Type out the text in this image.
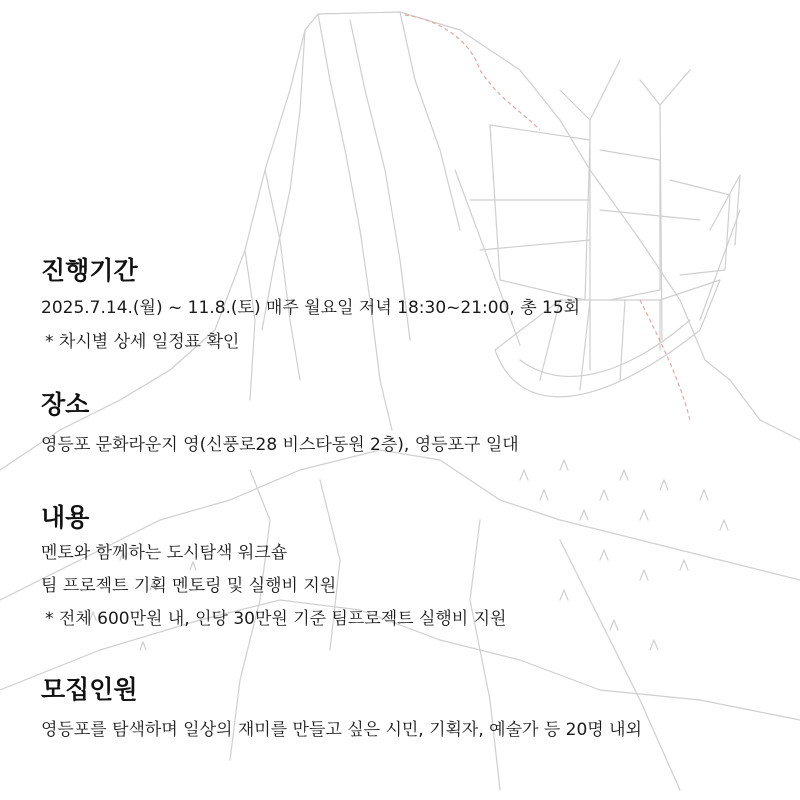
진행기간

2025.7.14.(월) ~ 11.8.(토) 매주 월요일 저녁 18:30~21:00, 총 15회

* 차시별 상세 일정표 확인

장소

영등포 문화라운지 영(신풍로28 비스타동원 2층), 영등포구 일대

내용

멘토와 함께하는 도시탐색 워크숍

팀 프로젝트 기획 멘토링 및 실행비 지원

* 전체 600만원 내, 인당 30만원 기준 팀프로젝트 실행비 지원

모집인원

영등포를 탐색하며 일상의 재미를 만들고 싶은 시민, 기획자, 예술가 등 20명 내외
